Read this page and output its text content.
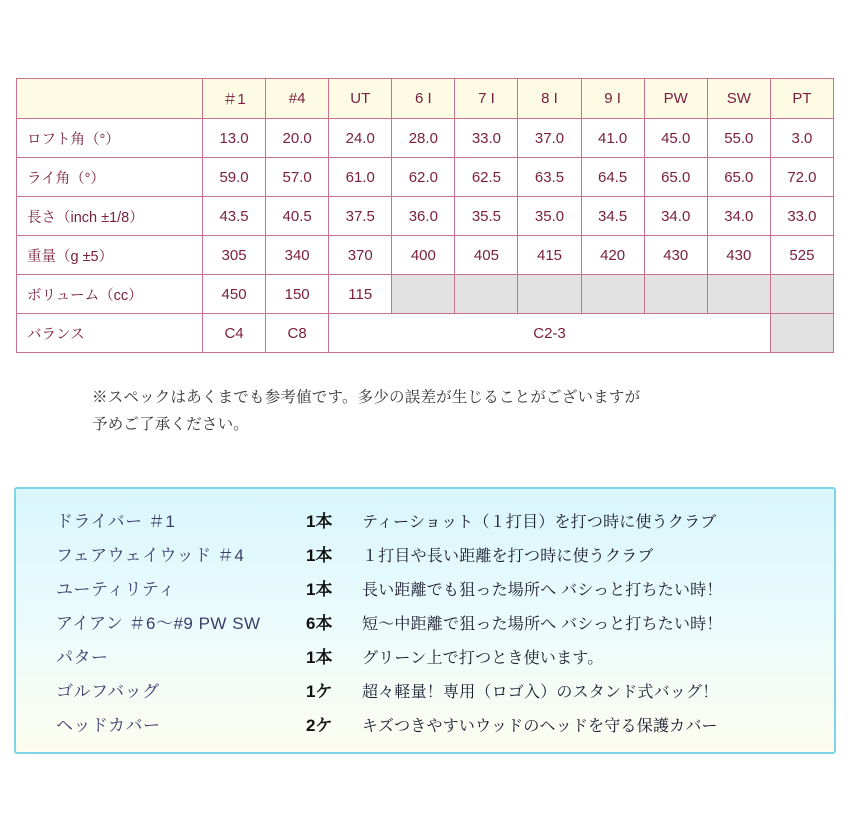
	＃1	#4	UT	6 I	7 I	8 I	9 I	PW	SW	PT
ロフト角（°）	13.0	20.0	24.0	28.0	33.0	37.0	41.0	45.0	55.0	3.0
ライ角（°）	59.0	57.0	61.0	62.0	62.5	63.5	64.5	65.0	65.0	72.0
長さ（inch ±1/8）	43.5	40.5	37.5	36.0	35.5	35.0	34.5	34.0	34.0	33.0
重量（g ±5）	305	340	370	400	405	415	420	430	430	525
ボリューム（cc）	450	150	115							
バランス	C4	C8	C2-3							
※スペックはあくまでも参考値です。多少の誤差が生じることがございますが
予めご了承ください。
ドライバー ＃1	1本	ティーショット（１打目）を打つ時に使うクラブ
フェアウェイウッド ＃4	1本	１打目や長い距離を打つ時に使うクラブ
ユーティリティ	1本	長い距離でも狙った場所へ バシっと打ちたい時！
アイアン ＃6〜#9 PW SW	6本	短〜中距離で狙った場所へ バシっと打ちたい時！
パター	1本	グリーン上で打つとき使います。
ゴルフバッグ	1ケ	超々軽量！専用（ロゴ入）のスタンド式バッグ！
ヘッドカバー	2ケ	キズつきやすいウッドのヘッドを守る保護カバー
